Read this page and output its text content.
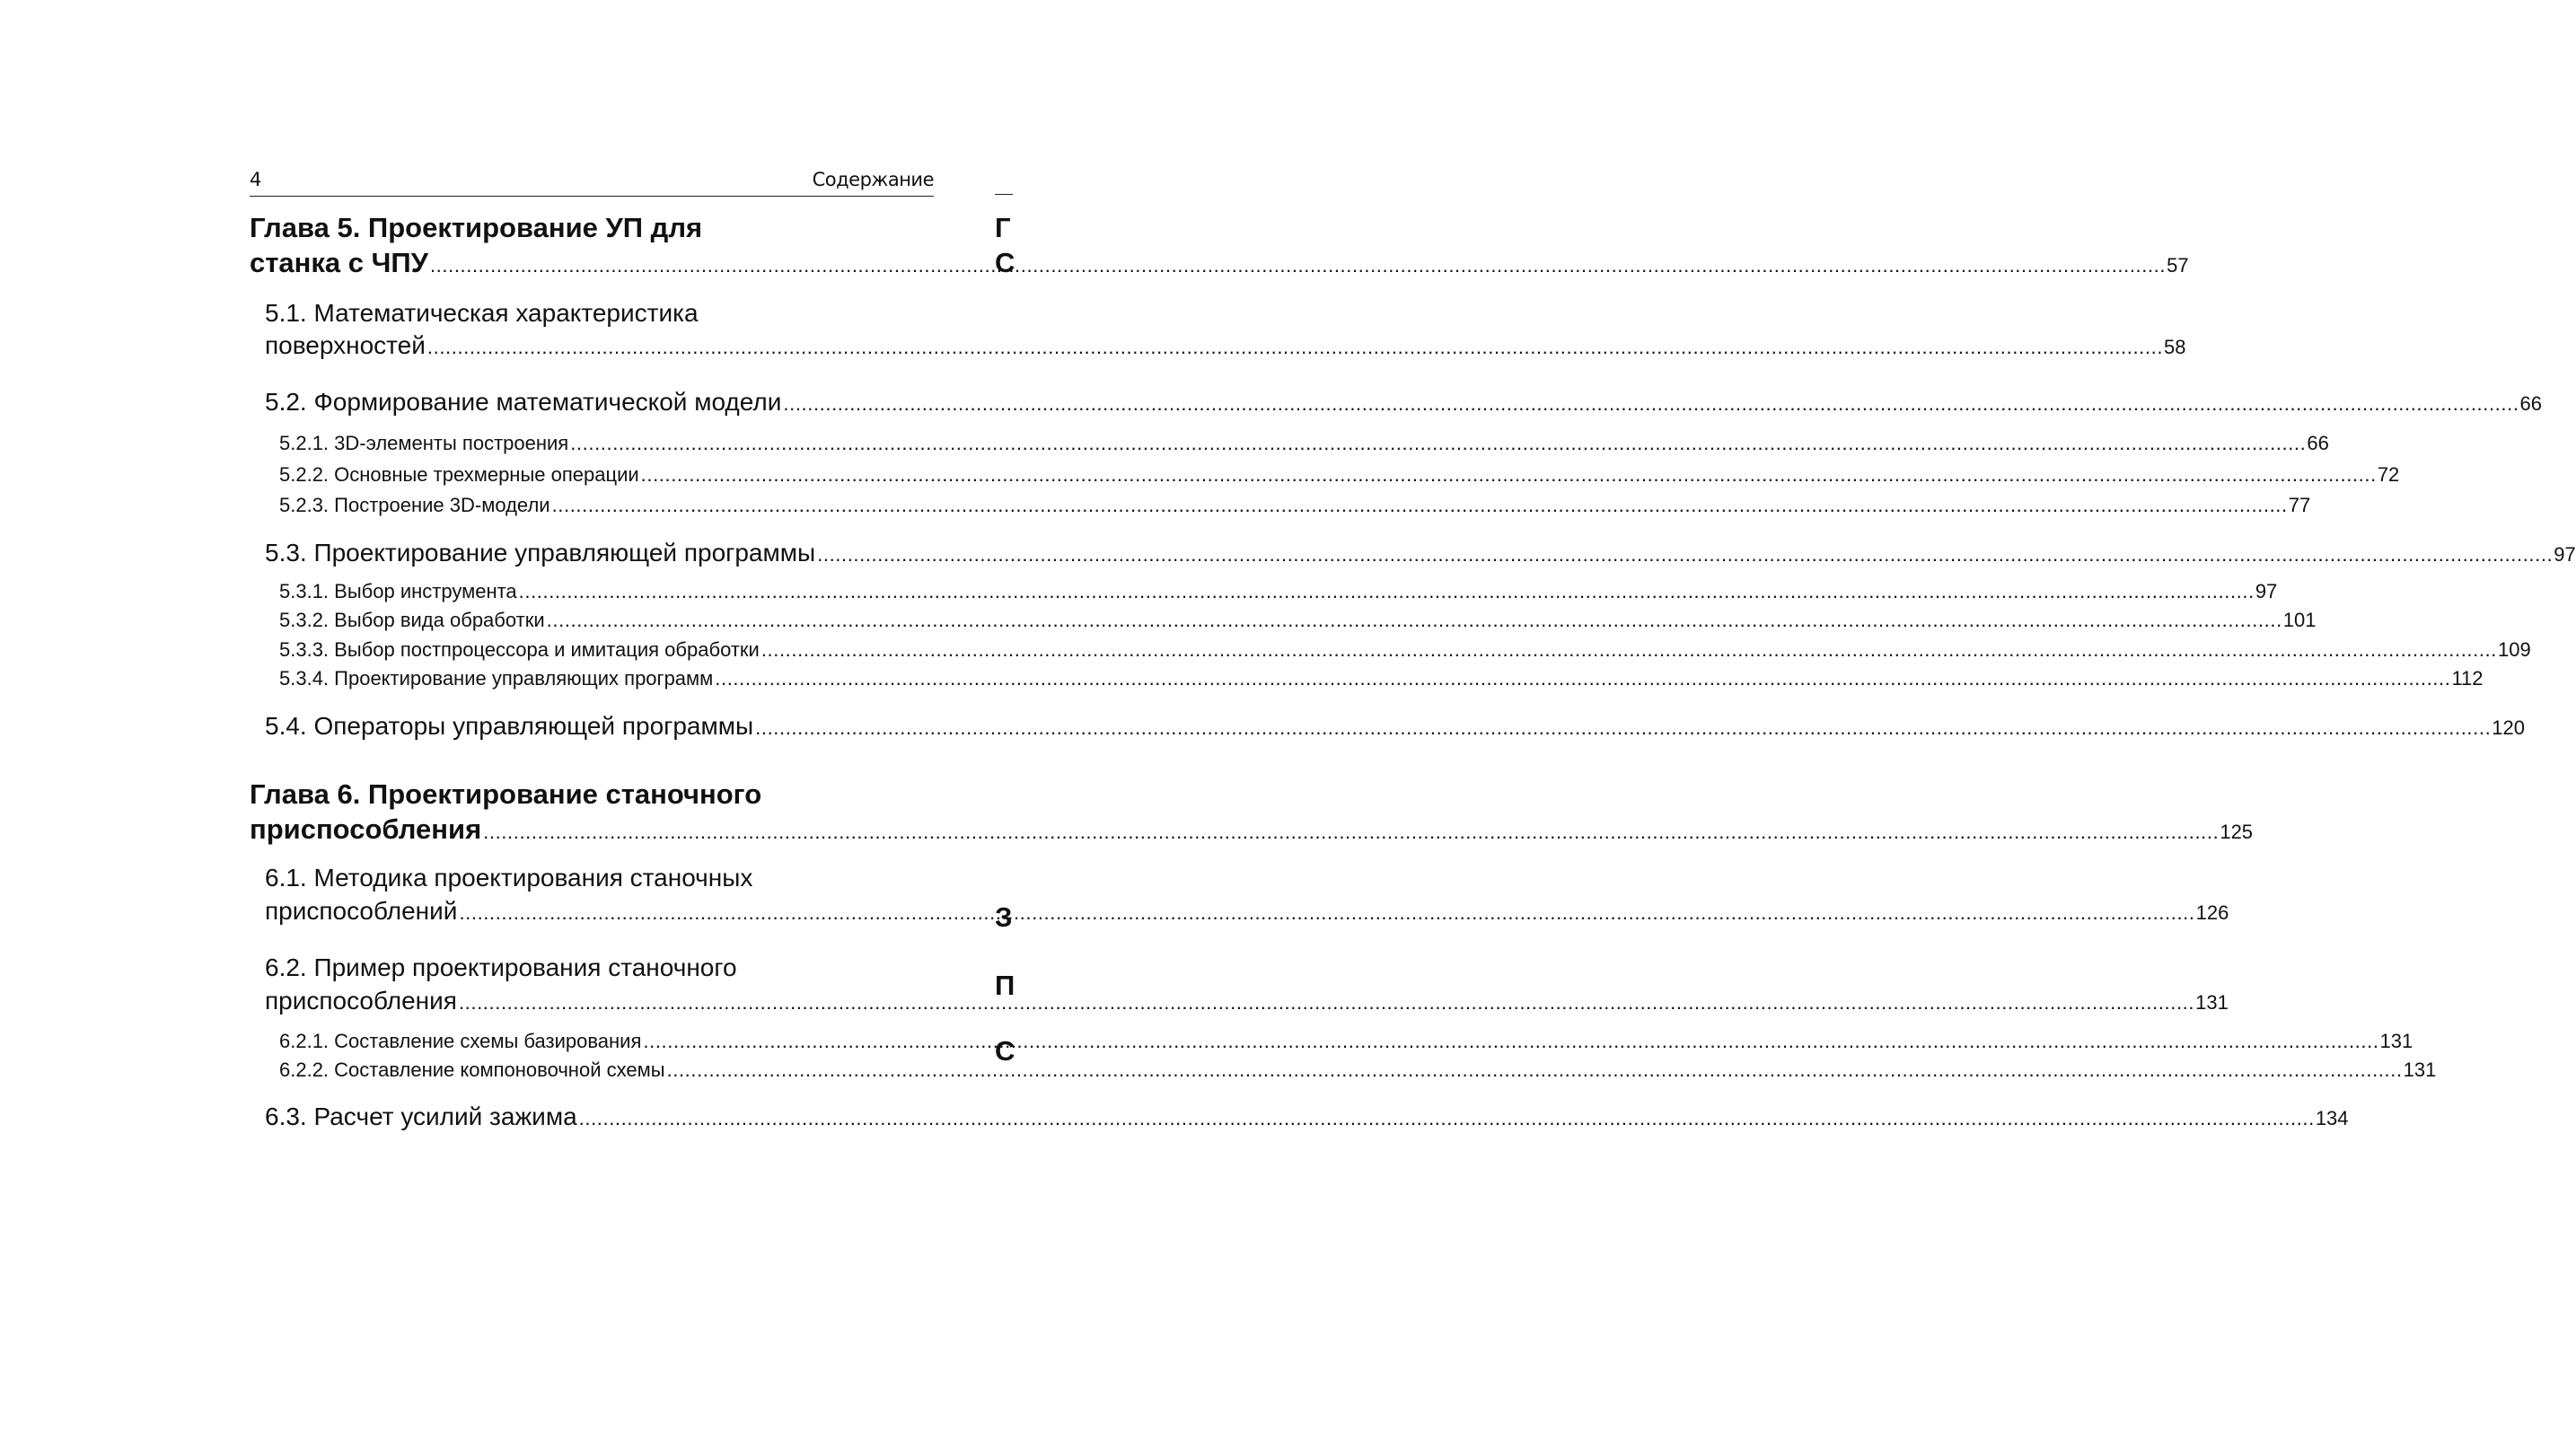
4	Содержание
Глава 5. Проектирование УП для
станка с ЧПУ .....	57
5.1. Математическая характеристика
поверхностей .....	58
5.2. Формирование математической модели .....	66
5.2.1. 3D-элементы построения .....	66
5.2.2. Основные трехмерные операции .....	72
5.2.3. Построение 3D-модели .....	77
5.3. Проектирование управляющей программы .....	97
5.3.1. Выбор инструмента .....	97
5.3.2. Выбор вида обработки .....	101
5.3.3. Выбор постпроцессора и имитация обработки .....	109
5.3.4. Проектирование управляющих программ .....	112
5.4. Операторы управляющей программы .....	120
Глава 6. Проектирование станочного
приспособления .....	125
6.1. Методика проектирования станочных
приспособлений .....	126
6.2. Пример проектирования станочного
приспособления .....	131
6.2.1. Составление схемы базирования .....	131
6.2.2. Составление компоновочной схемы .....	131
6.3. Расчет усилий зажима .....	134
Г
С
З
П
С
